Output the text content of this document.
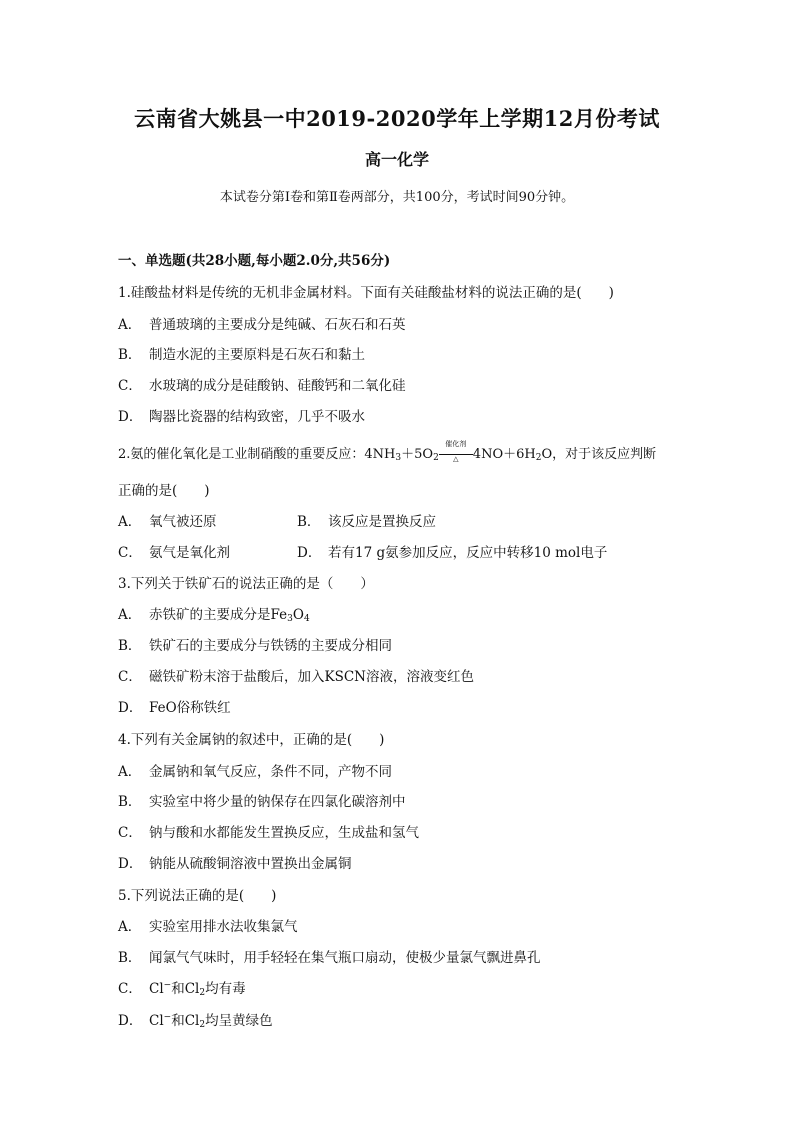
云南省大姚县一中2019-2020学年上学期12月份考试
高一化学
本试卷分第Ⅰ卷和第Ⅱ卷两部分，共100分，考试时间90分钟。
一、单选题(共28小题,每小题2.0分,共56分)
1.硅酸盐材料是传统的无机非金属材料。下面有关硅酸盐材料的说法正确的是(　　)
A． 普通玻璃的主要成分是纯碱、石灰石和石英
B． 制造水泥的主要原料是石灰石和黏土
C． 水玻璃的成分是硅酸钠、硅酸钙和二氧化硅
D． 陶器比瓷器的结构致密，几乎不吸水
2.氨的催化氧化是工业制硝酸的重要反应：$4NH_3+5O_2$
催化剂
△	$4NO+6H_2O$，对于该反应判断
正确的是(　　)
A． 氧气被还原	B． 该反应是置换反应
C． 氨气是氧化剂	D． 若有17 g氨参加反应，反应中转移10 mol电子
3.下列关于铁矿石的说法正确的是（　　）
A． 赤铁矿的主要成分是$Fe_3O_4$
B． 铁矿石的主要成分与铁锈的主要成分相同
C． 磁铁矿粉末溶于盐酸后，加入KSCN溶液，溶液变红色
D． FeO俗称铁红
4.下列有关金属钠的叙述中，正确的是(　　)
A． 金属钠和氧气反应，条件不同，产物不同
B． 实验室中将少量的钠保存在四氯化碳溶剂中
C． 钠与酸和水都能发生置换反应，生成盐和氢气
D． 钠能从硫酸铜溶液中置换出金属铜
5.下列说法正确的是(　　)
A． 实验室用排水法收集氯气
B． 闻氯气气味时，用手轻轻在集气瓶口扇动，使极少量氯气飘进鼻孔
C． Cl−和$Cl_2$均有毒
D． Cl−和$Cl_2$均呈黄绿色
